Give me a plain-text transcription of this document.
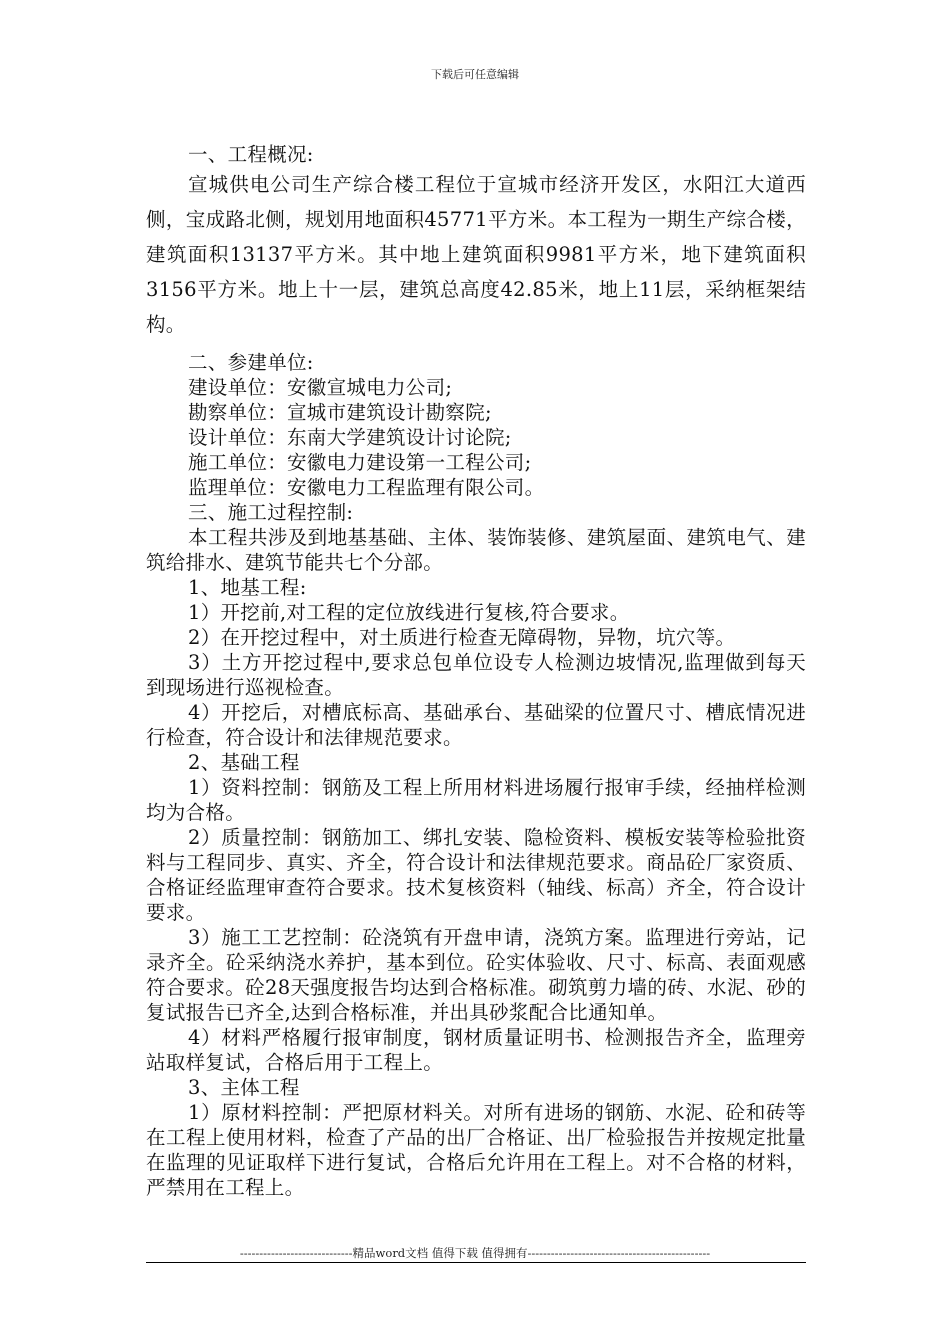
下载后可任意编辑

一、工程概况:

宣城供电公司生产综合楼工程位于宣城市经济开发区，水阳江大道西侧，宝成路北侧，规划用地面积45771平方米。本工程为一期生产综合楼，建筑面积13137平方米。其中地上建筑面积9981平方米，地下建筑面积3156平方米。地上十一层，建筑总高度42.85米，地上11层，采纳框架结构。

二、参建单位:

建设单位：安徽宣城电力公司;

勘察单位：宣城市建筑设计勘察院;

设计单位：东南大学建筑设计讨论院;

施工单位：安徽电力建设第一工程公司;

监理单位：安徽电力工程监理有限公司。

三、施工过程控制:

本工程共涉及到地基基础、主体、装饰装修、建筑屋面、建筑电气、建筑给排水、建筑节能共七个分部。

1、地基工程:

1）开挖前,对工程的定位放线进行复核,符合要求。

2）在开挖过程中，对土质进行检查无障碍物，异物，坑穴等。

3）土方开挖过程中,要求总包单位设专人检测边坡情况,监理做到每天到现场进行巡视检查。

4）开挖后，对槽底标高、基础承台、基础梁的位置尺寸、槽底情况进行检查，符合设计和法律规范要求。

2、基础工程

1）资料控制：钢筋及工程上所用材料进场履行报审手续，经抽样检测均为合格。

2）质量控制：钢筋加工、绑扎安装、隐检资料、模板安装等检验批资料与工程同步、真实、齐全，符合设计和法律规范要求。商品砼厂家资质、合格证经监理审查符合要求。技术复核资料（轴线、标高）齐全，符合设计要求。

3）施工工艺控制：砼浇筑有开盘申请，浇筑方案。监理进行旁站，记录齐全。砼采纳浇水养护，基本到位。砼实体验收、尺寸、标高、表面观感符合要求。砼28天强度报告均达到合格标准。砌筑剪力墙的砖、水泥、砂的复试报告已齐全,达到合格标准，并出具砂浆配合比通知单。

4）材料严格履行报审制度，钢材质量证明书、检测报告齐全，监理旁站取样复试，合格后用于工程上。

3、主体工程

1）原材料控制：严把原材料关。对所有进场的钢筋、水泥、砼和砖等在工程上使用材料，检查了产品的出厂合格证、出厂检验报告并按规定批量在监理的见证取样下进行复试，合格后允许用在工程上。对不合格的材料，严禁用在工程上。

-----------------------------精品word文档 值得下载 值得拥有-----------------------------------------------
